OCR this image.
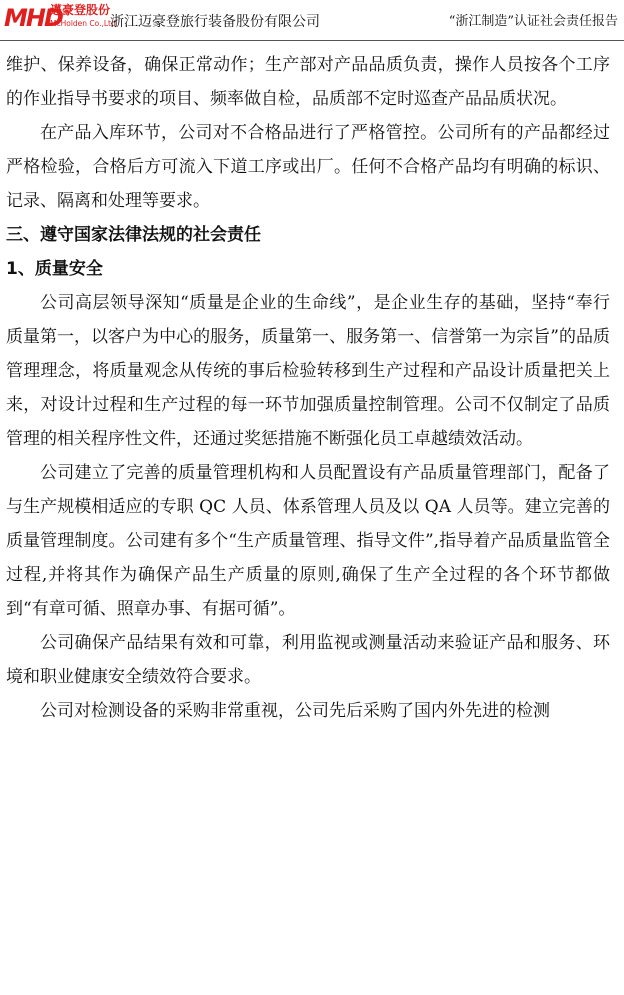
MHD
邁豪登股份
McHolden Co.,Ltd
浙江迈豪登旅行装备股份有限公司	“浙江制造”认证社会责任报告

维护、保养设备，确保正常动作；生产部对产品品质负责，操作人员按各个工序的作业指导书要求的项目、频率做自检，品质部不定时巡查产品品质状况。

在产品入库环节，公司对不合格品进行了严格管控。公司所有的产品都经过严格检验，合格后方可流入下道工序或出厂。任何不合格产品均有明确的标识、记录、隔离和处理等要求。

三、遵守国家法律法规的社会责任

1、质量安全

公司高层领导深知“质量是企业的生命线”，是企业生存的基础，坚持“奉行质量第一，以客户为中心的服务，质量第一、服务第一、信誉第一为宗旨”的品质管理理念，将质量观念从传统的事后检验转移到生产过程和产品设计质量把关上来，对设计过程和生产过程的每一环节加强质量控制管理。公司不仅制定了品质管理的相关程序性文件，还通过奖惩措施不断强化员工卓越绩效活动。

公司建立了完善的质量管理机构和人员配置设有产品质量管理部门，配备了与生产规模相适应的专职 QC 人员、体系管理人员及以 QA 人员等。建立完善的质量管理制度。公司建有多个“生产质量管理、指导文件”,指导着产品质量监管全过程,并将其作为确保产品生产质量的原则,确保了生产全过程的各个环节都做到“有章可循、照章办事、有据可循”。

公司确保产品结果有效和可靠，利用监视或测量活动来验证产品和服务、环境和职业健康安全绩效符合要求。

公司对检测设备的采购非常重视，公司先后采购了国内外先进的检测
